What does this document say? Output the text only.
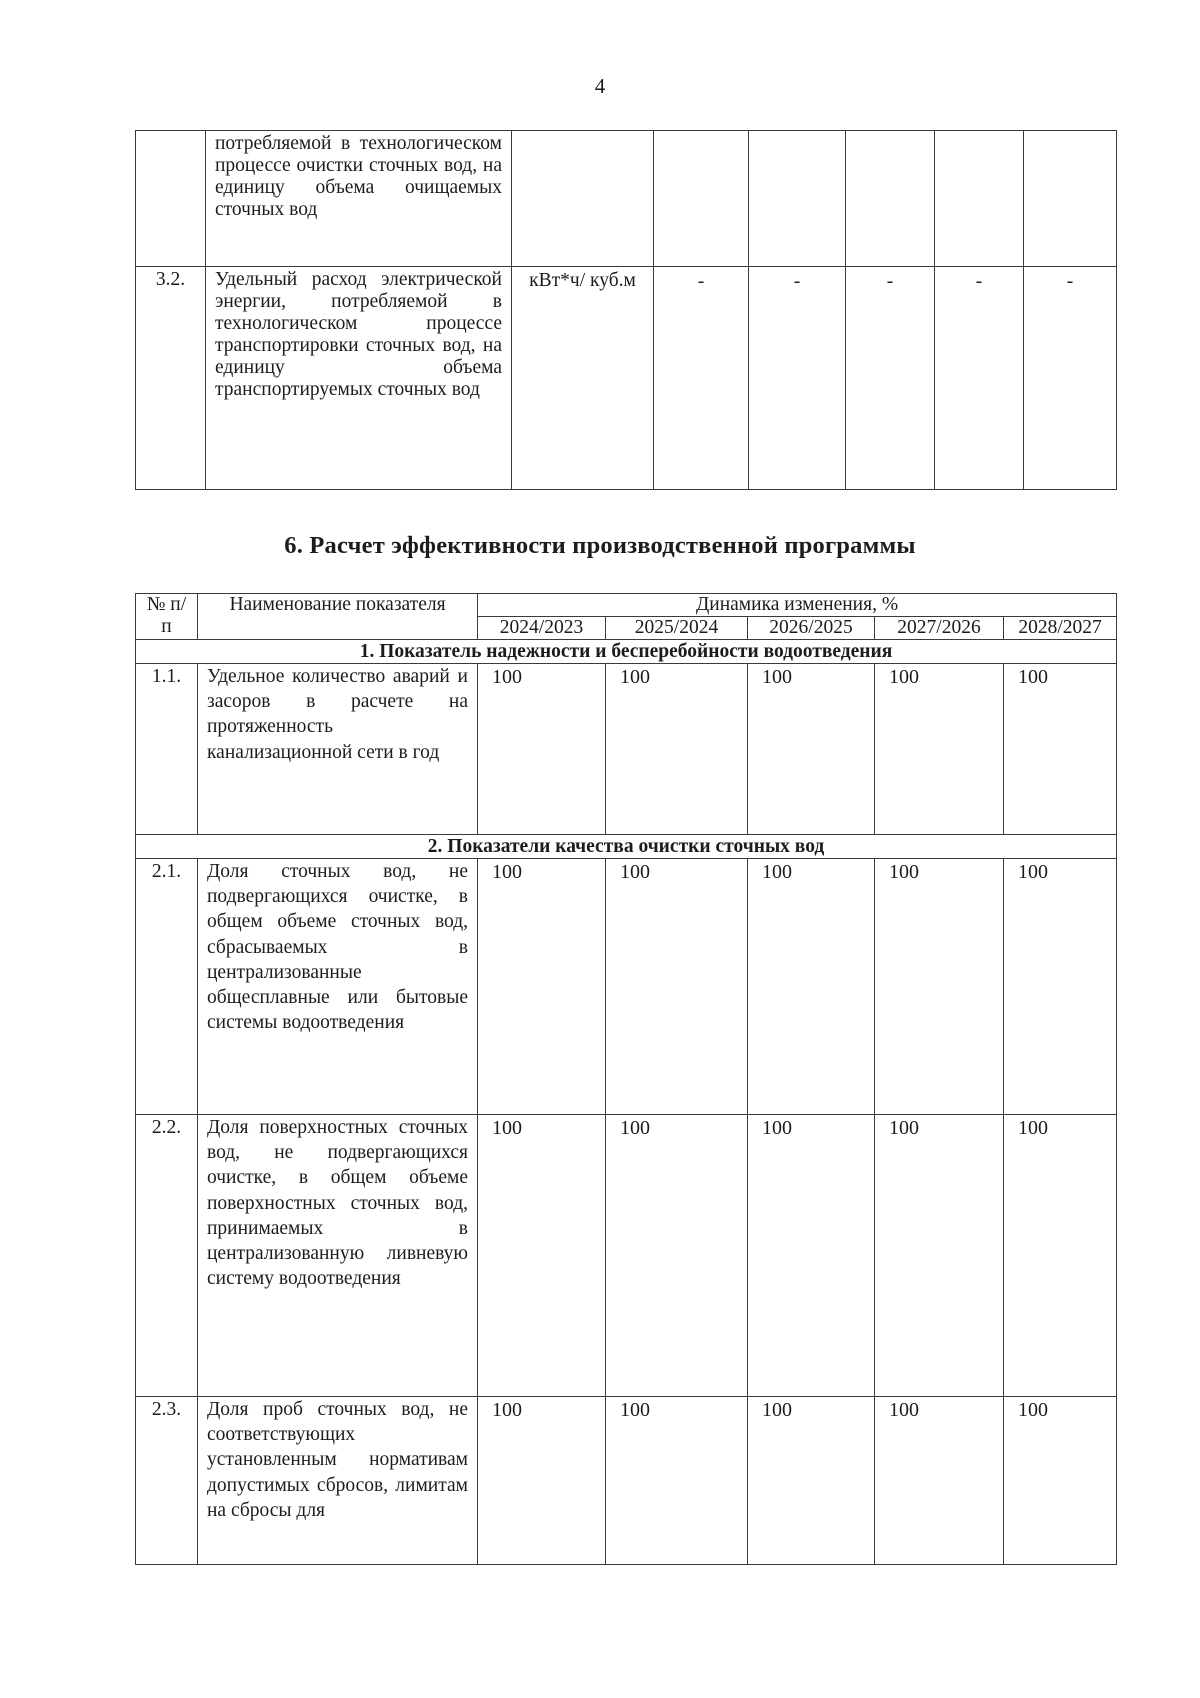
4
	потребляемой в технологическом процессе очистки сточных вод, на единицу объема очищаемых сточных вод						
3.2.	Удельный расход электрической энергии, потребляемой в технологическом процессе транспортировки сточных вод, на единицу объема транспортируемых сточных вод	кВт*ч/ куб.м	-	-	-	-	-
6. Расчет эффективности производственной программы
№ п/п	Наименование показателя	Динамика изменения, %				
		2024/2023	2025/2024	2026/2025	2027/2026	2028/2027
1. Показатель надежности и бесперебойности водоотведения						
1.1.	Удельное количество аварий и засоров в расчете на протяженность канализационной сети в год	100	100	100	100	100
2. Показатели качества очистки сточных вод						
2.1.	Доля сточных вод, не подвергающихся очистке, в общем объеме сточных вод, сбрасываемых в централизованные общесплавные или бытовые системы водоотведения	100	100	100	100	100
2.2.	Доля поверхностных сточных вод, не подвергающихся очистке, в общем объеме поверхностных сточных вод, принимаемых в централизованную ливневую систему водоотведения	100	100	100	100	100
2.3.	Доля проб сточных вод, не соответствующих установленным нормативам допустимых сбросов, лимитам на сбросы для	100	100	100	100	100
